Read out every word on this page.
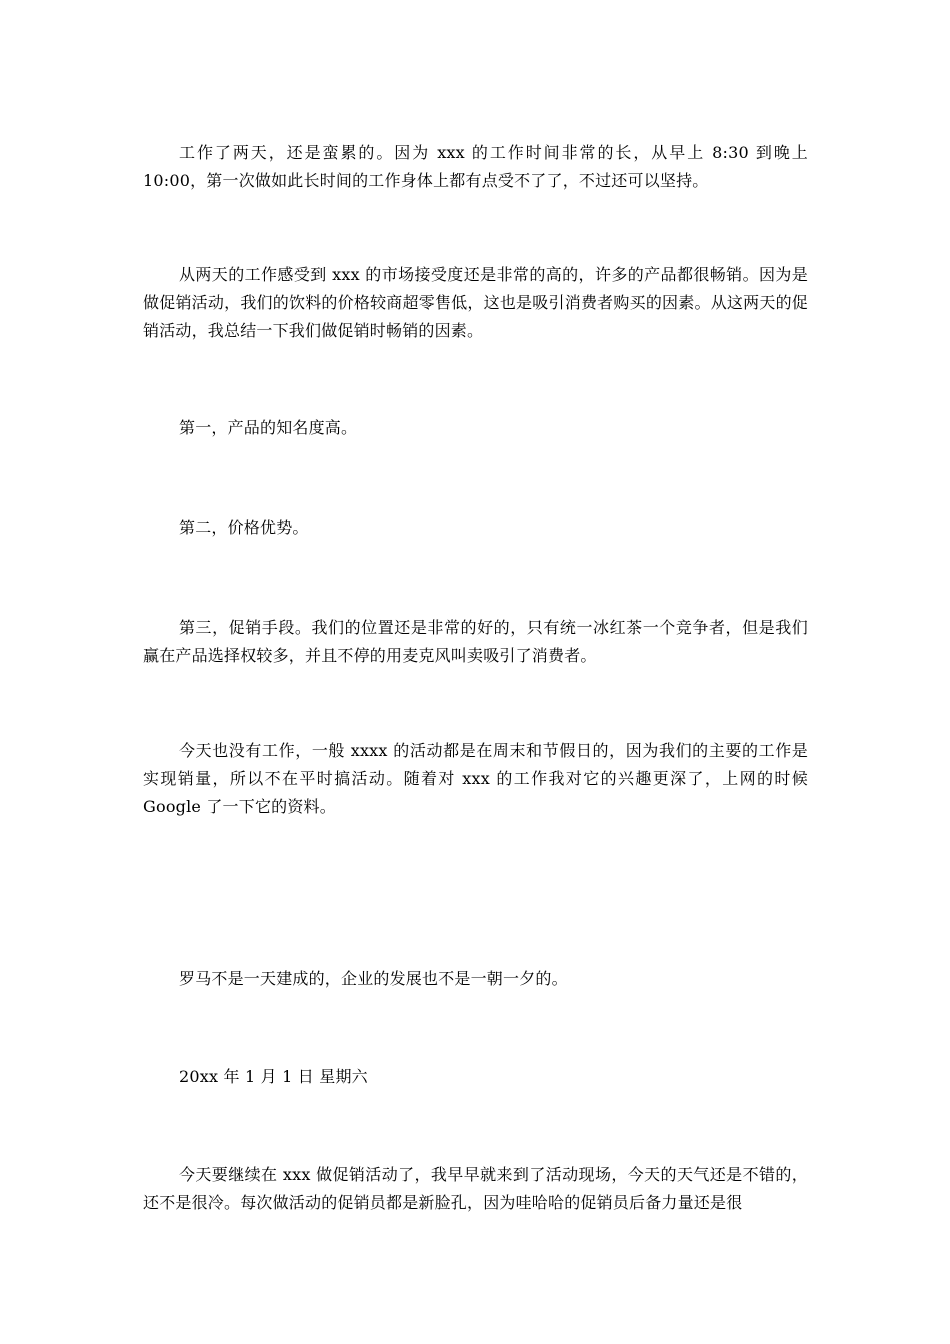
工作了两天，还是蛮累的。因为 xxx 的工作时间非常的长，从早上 8:30 到晚上 10:00，第一次做如此长时间的工作身体上都有点受不了了，不过还可以坚持。

从两天的工作感受到 xxx 的市场接受度还是非常的高的，许多的产品都很畅销。因为是做促销活动，我们的饮料的价格较商超零售低，这也是吸引消费者购买的因素。从这两天的促销活动，我总结一下我们做促销时畅销的因素。

第一，产品的知名度高。

第二，价格优势。

第三，促销手段。我们的位置还是非常的好的，只有统一冰红茶一个竞争者，但是我们赢在产品选择权较多，并且不停的用麦克风叫卖吸引了消费者。

今天也没有工作，一般 xxxx 的活动都是在周末和节假日的，因为我们的主要的工作是实现销量，所以不在平时搞活动。随着对 xxx 的工作我对它的兴趣更深了，上网的时候 Google 了一下它的资料。

罗马不是一天建成的，企业的发展也不是一朝一夕的。

20xx 年 1 月 1 日 星期六

今天要继续在 xxx 做促销活动了，我早早就来到了活动现场，今天的天气还是不错的，还不是很冷。每次做活动的促销员都是新脸孔，因为哇哈哈的促销员后备力量还是很
